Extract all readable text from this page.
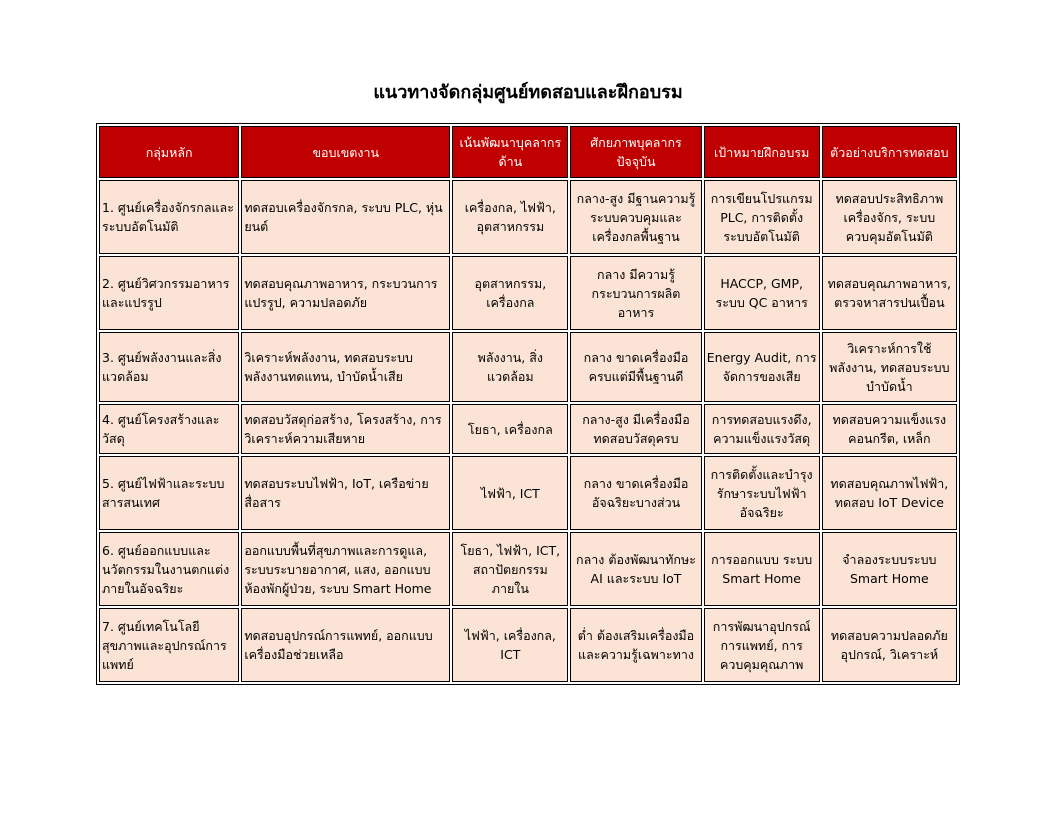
แนวทางจัดกลุ่มศูนย์ทดสอบและฝึกอบรม
กลุ่มหลัก	ขอบเขตงาน	เน้นพัฒนาบุคลากรด้าน	ศักยภาพบุคลากรปัจจุบัน	เป้าหมายฝึกอบรม	ตัวอย่างบริการทดสอบ
1. ศูนย์เครื่องจักรกลและระบบอัตโนมัติ	ทดสอบเครื่องจักรกล, ระบบ PLC, หุ่นยนต์	เครื่องกล, ไฟฟ้า, อุตสาหกรรม	กลาง-สูง มีฐานความรู้ระบบควบคุมและเครื่องกลพื้นฐาน	การเขียนโปรแกรม PLC, การติดตั้งระบบอัตโนมัติ	ทดสอบประสิทธิภาพเครื่องจักร, ระบบควบคุมอัตโนมัติ
2. ศูนย์วิศวกรรมอาหารและแปรรูป	ทดสอบคุณภาพอาหาร, กระบวนการแปรรูป, ความปลอดภัย	อุตสาหกรรม, เครื่องกล	กลาง มีความรู้กระบวนการผลิตอาหาร	HACCP, GMP, ระบบ QC อาหาร	ทดสอบคุณภาพอาหาร, ตรวจหาสารปนเปื้อน
3. ศูนย์พลังงานและสิ่งแวดล้อม	วิเคราะห์พลังงาน, ทดสอบระบบพลังงานทดแทน, บำบัดน้ำเสีย	พลังงาน, สิ่งแวดล้อม	กลาง ขาดเครื่องมือครบแต่มีพื้นฐานดี	Energy Audit, การจัดการของเสีย	วิเคราะห์การใช้พลังงาน, ทดสอบระบบบำบัดน้ำ
4. ศูนย์โครงสร้างและวัสดุ	ทดสอบวัสดุก่อสร้าง, โครงสร้าง, การวิเคราะห์ความเสียหาย	โยธา, เครื่องกล	กลาง-สูง มีเครื่องมือทดสอบวัสดุครบ	การทดสอบแรงดึง, ความแข็งแรงวัสดุ	ทดสอบความแข็งแรงคอนกรีต, เหล็ก
5. ศูนย์ไฟฟ้าและระบบสารสนเทศ	ทดสอบระบบไฟฟ้า, IoT, เครือข่ายสื่อสาร	ไฟฟ้า, ICT	กลาง ขาดเครื่องมืออัจฉริยะบางส่วน	การติดตั้งและบำรุงรักษาระบบไฟฟ้าอัจฉริยะ	ทดสอบคุณภาพไฟฟ้า, ทดสอบ IoT Device
6. ศูนย์ออกแบบและนวัตกรรมในงานตกแต่งภายในอัจฉริยะ	ออกแบบพื้นที่สุขภาพและการดูแล, ระบบระบายอากาศ, แสง, ออกแบบห้องพักผู้ป่วย, ระบบ Smart Home	โยธา, ไฟฟ้า, ICT, สถาปัตยกรรมภายใน	กลาง ต้องพัฒนาทักษะ AI และระบบ IoT	การออกแบบ ระบบ Smart Home	จำลองระบบระบบ Smart Home
7. ศูนย์เทคโนโลยีสุขภาพและอุปกรณ์การแพทย์	ทดสอบอุปกรณ์การแพทย์, ออกแบบเครื่องมือช่วยเหลือ	ไฟฟ้า, เครื่องกล, ICT	ต่ำ ต้องเสริมเครื่องมือและความรู้เฉพาะทาง	การพัฒนาอุปกรณ์การแพทย์, การควบคุมคุณภาพ	ทดสอบความปลอดภัยอุปกรณ์, วิเคราะห์
